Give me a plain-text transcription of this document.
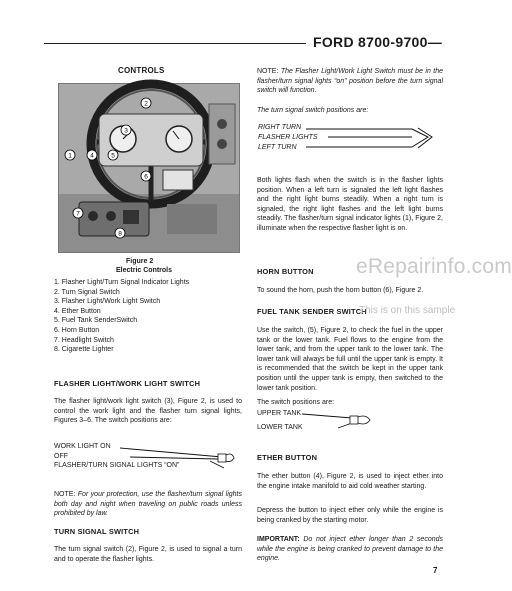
FORD 8700-9700—
CONTROLS
2
3
1	4	5
6
7
8
Figure 2
Electric Controls
1. Flasher Light/Turn Signal Indicator Lights
2. Turn Signal Switch
3. Flasher Light/Work Light Switch
4. Ether Button
5. Fuel Tank SenderSwitch
6. Horn Button
7. Headlight Switch
8. Cigarette Lighter
FLASHER LIGHT/WORK LIGHT SWITCH

The flasher light/work light switch (3), Figure 2, is used to control the work light and the flasher turn signal lights, Figures 3–6. The switch positions are:

WORK LIGHT ON
OFF
FLASHER/TURN SIGNAL LIGHTS “ON”

NOTE: For your protection, use the flasher/turn signal lights both day and night when traveling on public roads unless prohibited by law.

TURN SIGNAL SWITCH

The turn signal switch (2), Figure 2, is used to signal a turn and to operate the flasher lights.

NOTE: The Flasher Light/Work Light Switch must be in the flasher/turn signal lights “on” position before the turn signal switch will function.

The turn signal switch positions are:

RIGHT TURN
FLASHER LIGHTS
LEFT TURN

Both lights flash when the switch is in the flasher lights position. When a left turn is signaled the left light flashes and the right light burns steadily. When a right turn is signaled, the right light flashes and the left light burns steadily. The flasher/turn signal indicator lights (1), Figure 2, illuminate when the respective flasher light is on.

HORN BUTTON

To sound the horn, push the horn button (6), Figure 2.

FUEL TANK SENDER SWITCH

Use the switch, (5), Figure 2, to check the fuel in the upper tank or the lower tank. Fuel flows to the engine from the lower tank, and from the upper tank to the lower tank. The lower tank will always be full until the upper tank is empty. It is recommended that the switch be kept in the upper tank position until the upper tank is empty, then switched to the lower tank position.

The switch positions are:

UPPER TANK
LOWER TANK
ETHER BUTTON

The ether button (4), Figure 2, is used to inject ether into the engine intake manifold to aid cold weather starting.

Depress the button to inject ether only while the engine is being cranked by the starting motor.

IMPORTANT: Do not inject ether longer than 2 seconds while the engine is being cranked to prevent damage to the engine.

eRepairinfo.com
This is on this sample
7
